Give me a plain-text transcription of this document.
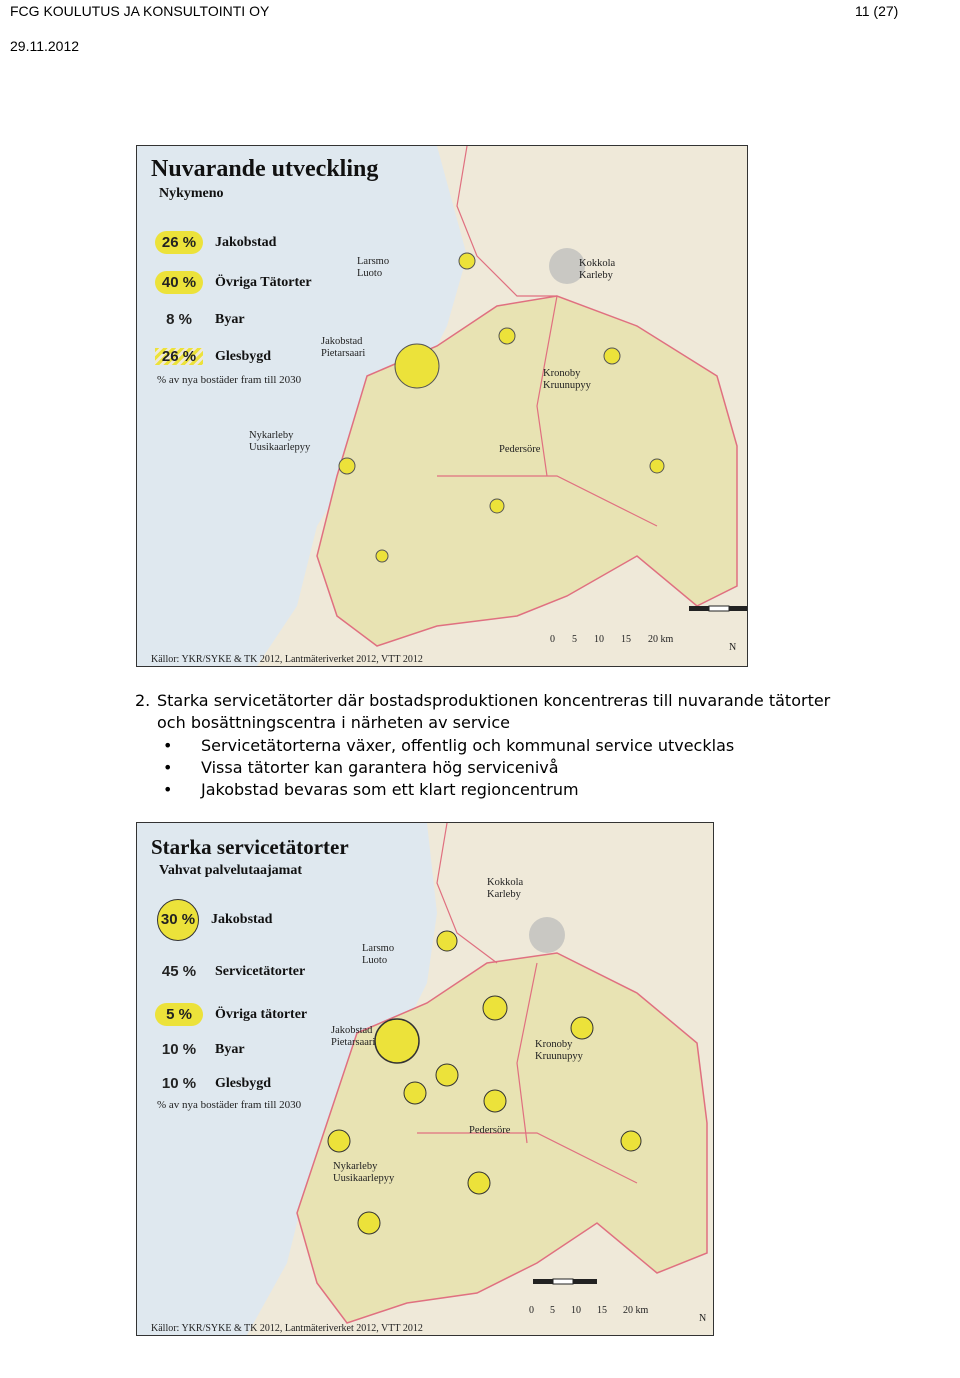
FCG KOULUTUS JA KONSULTOINTI OY	11 (27)
29.11.2012
Nuvarande utveckling
Nykymeno
26 %	Jakobstad
40 %	Övriga Tätorter
8 %	Byar
26 %	Glesbygd
% av nya bostäder fram till 2030
Larsmo
Luoto
Kokkola
Karleby
Jakobstad
Pietarsaari
Kronoby
Kruunupyy
Nykarleby
Uusikaarlepyy	Pedersöre
Källor: YKR/SYKE & TK 2012, Lantmäteriverket 2012, VTT 2012
0 5 10 15 20 km
N
2. Starka servicetätorter där bostadsproduktionen koncentreras till nuvarande tätorter
och bosättningscentra i närheten av service
• Servicetätorterna växer, offentlig och kommunal service utvecklas
• Vissa tätorter kan garantera hög servicenivå
• Jakobstad bevaras som ett klart regioncentrum
Starka servicetätorter
Vahvat palvelutaajamat
30 % Jakobstad
45 %	Servicetätorter
5 %	Övriga tätorter
10 %	Byar
10 %	Glesbygd
% av nya bostäder fram till 2030
Kokkola
Karleby
Larsmo
Luoto
Jakobstad
Pietarsaari	Kronoby
Kruunupyy
Pedersöre
Nykarleby
Uusikaarlepyy
Källor: YKR/SYKE & TK 2012, Lantmäteriverket 2012, VTT 2012
0 5 10 15 20 km
N
